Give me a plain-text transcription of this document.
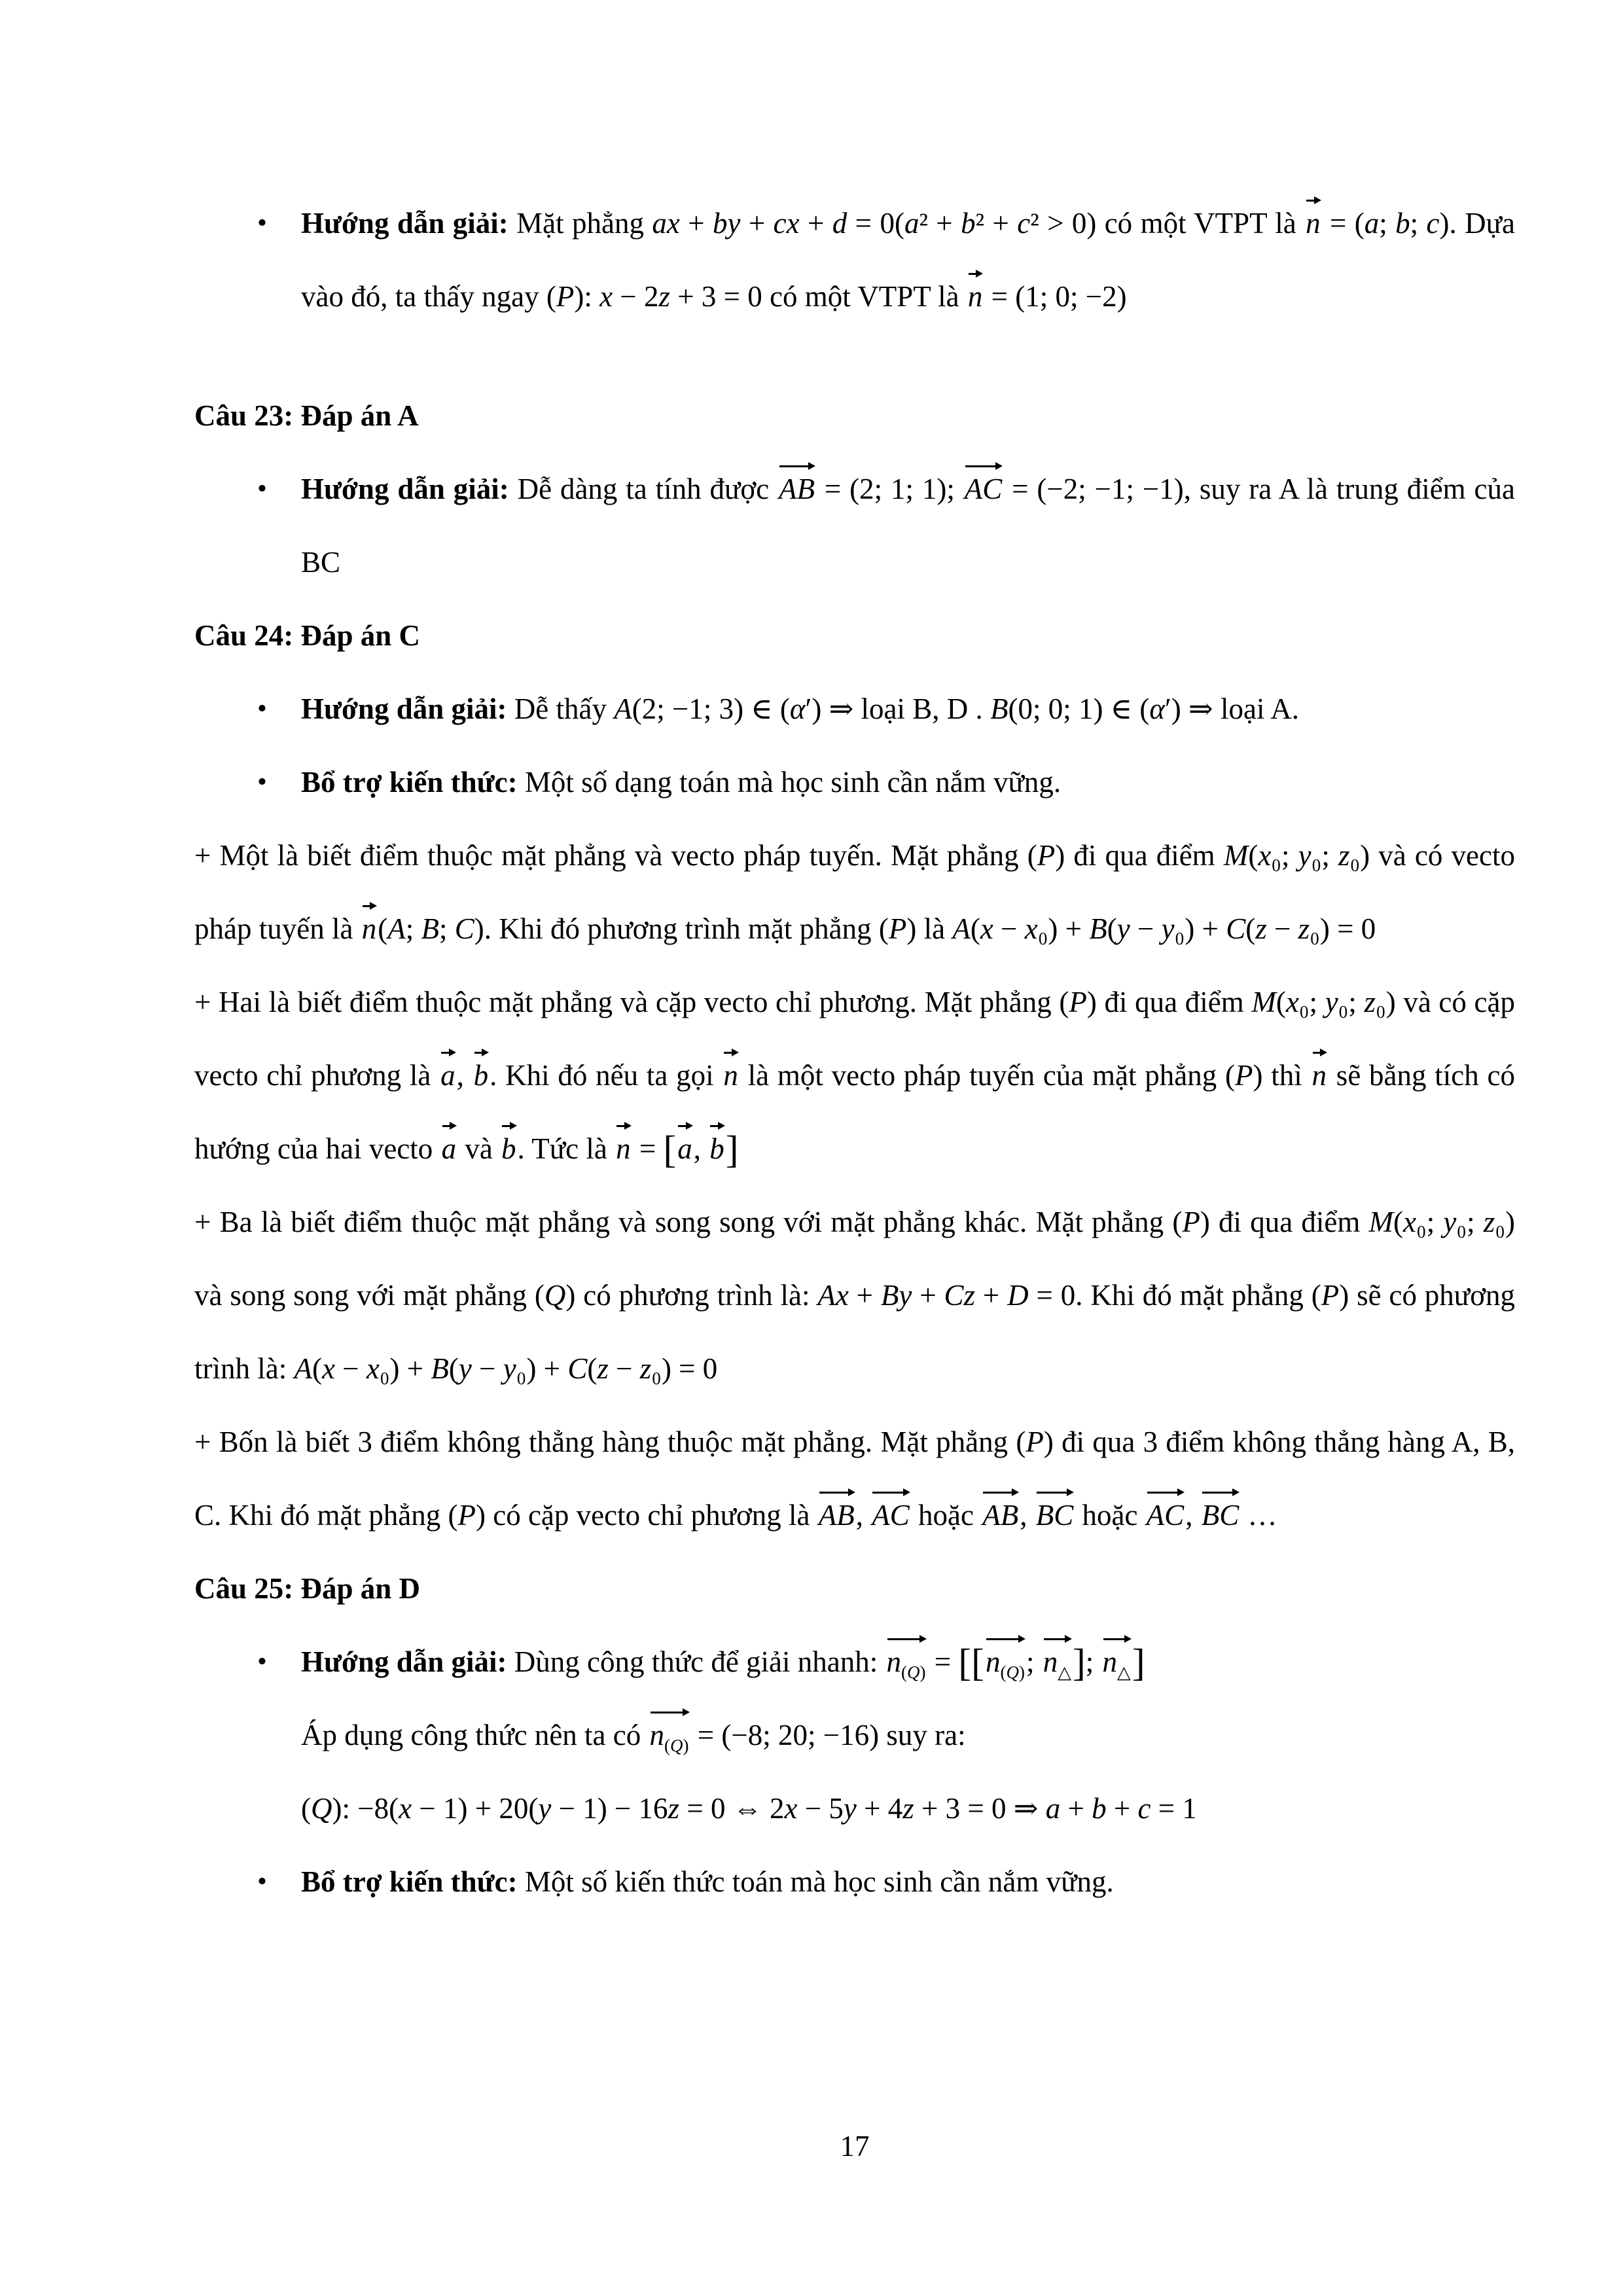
• Hướng dẫn giải: Mặt phẳng ax + by + cx + d = 0(a² + b² + c² > 0) có một VTPT là
n = (a; b; c). Dựa vào đó, ta thấy ngay (P): x − 2z + 3 = 0 có một VTPT là
n = (1; 0; −2)
Câu 23: Đáp án A
• Hướng dẫn giải: Dễ dàng ta tính được
AB = (2; 1; 1);
AC = (−2; −1; −1), suy ra A là trung điểm của BC
Câu 24: Đáp án C
• Hướng dẫn giải: Dễ thấy A(2; −1; 3) ∈ (α′) ⇒ loại B, D . B(0; 0; 1) ∈ (α′) ⇒ loại A.
• Bổ trợ kiến thức: Một số dạng toán mà học sinh cần nắm vững.
+ Một là biết điểm thuộc mặt phẳng và vecto pháp tuyến. Mặt phẳng (P) đi qua điểm M(x₀; y₀; z₀) và có vecto pháp tuyến là
n(A; B; C). Khi đó phương trình mặt phẳng (P) là A(x − x₀) + B(y − y₀) + C(z − z₀) = 0
+ Hai là biết điểm thuộc mặt phẳng và cặp vecto chỉ phương. Mặt phẳng (P) đi qua điểm M(x₀; y₀; z₀) và có cặp vecto chỉ phương là
a,
b. Khi đó nếu ta gọi
n là một vecto pháp tuyến của mặt phẳng (P) thì
n sẽ bằng tích có hướng của hai vecto
a và
b. Tức là
n = [
a,
b]
+ Ba là biết điểm thuộc mặt phẳng và song song với mặt phẳng khác. Mặt phẳng (P) đi qua điểm M(x₀; y₀; z₀) và song song với mặt phẳng (Q) có phương trình là: Ax + By + Cz + D = 0. Khi đó mặt phẳng (P) sẽ có phương trình là: A(x − x₀) + B(y − y₀) + C(z − z₀) = 0
+ Bốn là biết 3 điểm không thẳng hàng thuộc mặt phẳng. Mặt phẳng (P) đi qua 3 điểm không thẳng hàng A, B, C. Khi đó mặt phẳng (P) có cặp vecto chỉ phương là
AB,
AC hoặc
AB,
BC hoặc
AC,
BC …
Câu 25: Đáp án D
• Hướng dẫn giải: Dùng công thức để giải nhanh:
$n_{(Q)}$ = [[
$n_{(Q)}$;
$n_\triangle$];
$n_\triangle$]
Áp dụng công thức nên ta có
$n_{(Q)} = (-8$; 20; −16) suy ra:
(Q): −8(x − 1) + 20(y − 1) − 16z = 0 ⇔ 2x − 5y + 4z + 3 = 0 ⇒ a + b + c = 1
• Bổ trợ kiến thức: Một số kiến thức toán mà học sinh cần nắm vững.
17
